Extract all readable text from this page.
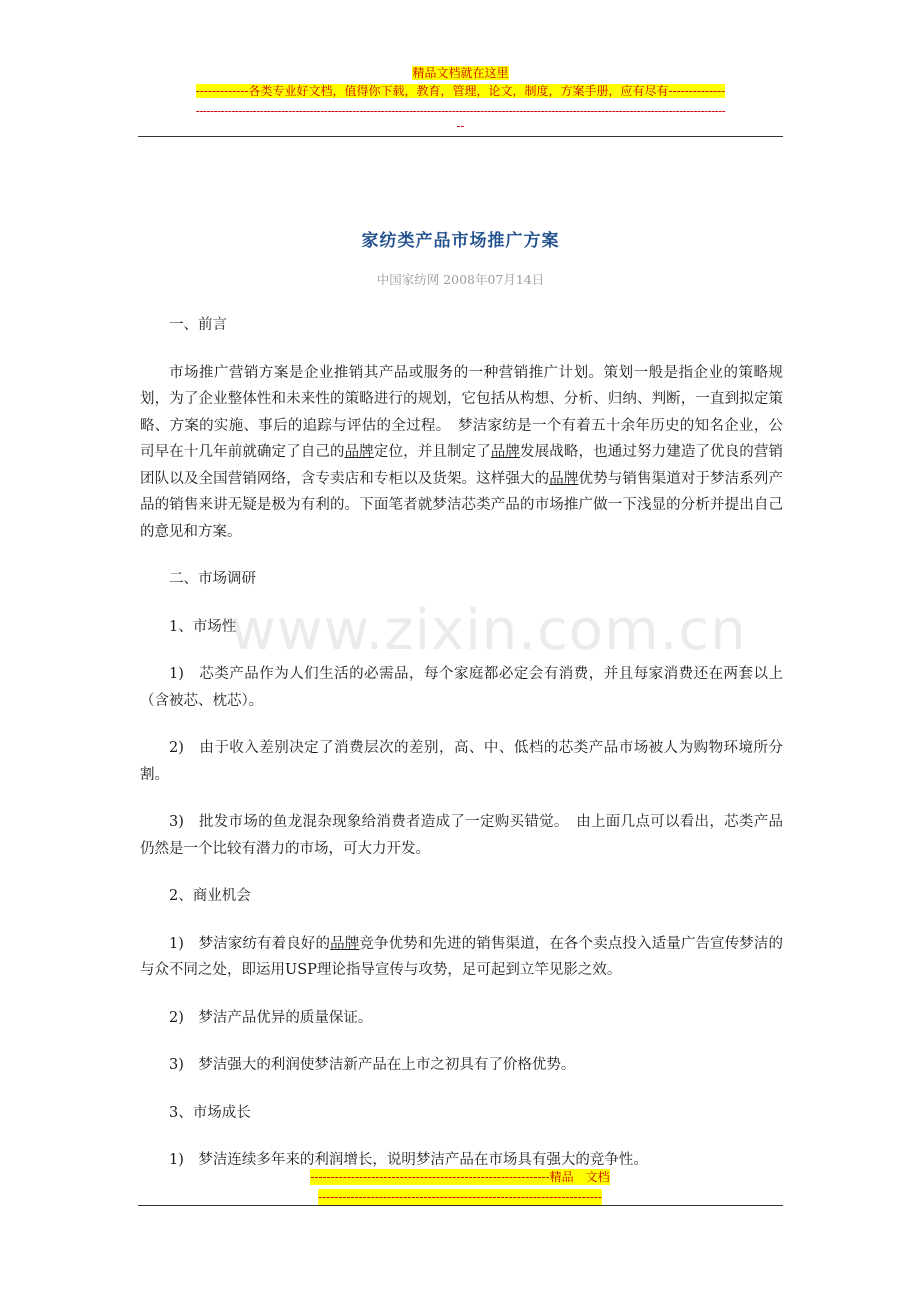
精品文档就在这里
-------------各类专业好文档，值得你下载，教育，管理，论文，制度，方案手册，应有尽有--------------
-----------------------------------------------------------------------------------------------------------------------------------------------------
--
家纺类产品市场推广方案
中国家纺网 2008年07月14日

一、前言

市场推广营销方案是企业推销其产品或服务的一种营销推广计划。策划一般是指企业的策略规划，为了企业整体性和未来性的策略进行的规划，它包括从构想、分析、归纳、判断，一直到拟定策略、方案的实施、事后的追踪与评估的全过程。　梦洁家纺是一个有着五十余年历史的知名企业，公司早在十几年前就确定了自己的品牌定位，并且制定了品牌发展战略，也通过努力建造了优良的营销团队以及全国营销网络，含专卖店和专柜以及货架。这样强大的品牌优势与销售渠道对于梦洁系列产品的销售来讲无疑是极为有利的。下面笔者就梦洁芯类产品的市场推广做一下浅显的分析并提出自己的意见和方案。

二、市场调研

1、市场性

1)　芯类产品作为人们生活的必需品，每个家庭都必定会有消费，并且每家消费还在两套以上（含被芯、枕芯）。

2)　由于收入差别决定了消费层次的差别，高、中、低档的芯类产品市场被人为购物环境所分割。

3)　批发市场的鱼龙混杂现象给消费者造成了一定购买错觉。　由上面几点可以看出，芯类产品仍然是一个比较有潜力的市场，可大力开发。

2、商业机会

1)　梦洁家纺有着良好的品牌竞争优势和先进的销售渠道，在各个卖点投入适量广告宣传梦洁的与众不同之处，即运用USP理论指导宣传与攻势，足可起到立竿见影之效。

2)　梦洁产品优异的质量保证。

3)　梦洁强大的利润使梦洁新产品在上市之初具有了价格优势。

3、市场成长

1)　梦洁连续多年来的利润增长，说明梦洁产品在市场具有强大的竞争性。

www.zixin.com.cn
-----------------------------------------------------------精品　文档
----------------------------------------------------------------------
